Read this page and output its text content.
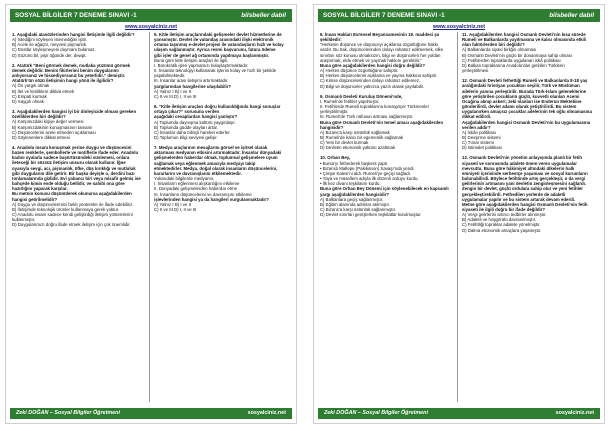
SOSYAL BİLGİLER 7 DENEME SINAVI -1	bilsbeller dabil
www.sosyalciniz.net

1. Aşağıdaki atasözlerinden hangisi İletişimle ilgili değildir?

A) İstediğini söyleyen istemediğini işitir.

B) Acele ile ağaçtır, meyvesi pişmanlık.

C) Dostlar söyleşmeyeni duymam bulamaz.

D) Sözünü bil, pişir öğünde der, dewpt.

2. Atatürk “Beni görmek demek, mutlaka yüzümü görmek demek değildir. Benim fikirlerimi benim duygularımı anlıyorsanız ve hissediyorsanız bu yeterlidir.” demiştir.

Atatürk’ün sözü iletişimin hangi yönü ile ilgilidir?

A) Ön yargılı olmak

B) İlet ve kimliklere dikkat etmek

C) Empati kurmak

D) Saygılı olmak

3. Aşağıdakilerden hangisi iyi bir dinleyicide olması gereken özelliklerden biri değildir?

A) Karşımızdaki kişiye değer vermesi

B) Karşımızdakinin konuşmasının tamamı

C) Düşüncelerini acele etmeden açıklaması

D) Söylenenlere dikkat etmesi

4. Anadolu insanı konuşmak yerine duygu ve düşüncesini bazen renklerle, şembollerle ve motiflerle ifade eder. Anadolu kadını oyalarla sadece başörtüsündeki süslemesi, onlara ileteceği bir sözsüz iletişim unsuru olarak kullanır. İğne oyasıyla sevgi, acı, pişmanlık, öfke, düş kırıklığı ve mutluluk gibi duygularını dile getirir. Bir başka deyişle o, derdini bazı tonlamalarında gizlidir. Evi yabancı biri veya misafir gelmiş ise bahçede kimin evde olduğu bellidir, ve sahibi ona göre hazırlığını yaparak karşılar.

Bu metnin konusu düşünülerek okunursa aşağıdakilerden hangisi getirilmelidir?

A) Duygu ve düşüncelerimizi farklı yöntemler ile ifade edebiliriz.

B) İletişimde teknolojik ürünler kullanmaya gerek yoktur.

C) Anadolu insanı sadece kendi geliştirdiği iletişim yöntemlerini kullanmıştır.

D) Duygularımızı doğru ifade etmek iletişim için çok önemlidir.

5. Kitle iletişim araçlarındaki gelişmeler devlet hizmetlerine de yansımıştır. Devlet ile vatandaş arasındaki ilişki elektronik ortama taşınmış e-devlet projesi ile vatandaşların hızlı ve kolay ulaşım sağlanmıştır. Ayrıca resmi başvurunu, fatura ödeme gibi işler de genel ağ ortamında yapılmaya başlanmıştır.

Buna göre kitle iletişim araçları ile ilgili,

I. Bürokratik işleri yapmamızı kolaylaştırmaktadır.

II. İnsanlar teknolojiyi kullanarak işlerini kolay ve hızlı bir şekilde yapabilmektedir.

III. İnsanlar arası iletişimi artırmaktadır.

yargılarından hangilerine ulaşılabilir?

A) Yalnız I B) I ve II

C) II ve III D) I, II ve III

6. “Kitle iletişim araçları doğru kullanıldığında hangi sonuçlar ortaya çıkar?” sorusuna verilen

aşağıdaki cevaplardan hangisi yanlıştır?

A) Toplumda daynışma kültürü yaygınlaşır.

B) Toplumda güdde olayları artar.

C) İnsanlar daha bilinçli hareket ederler.

D) Toplumun bilgi seviyesi gelişir.

7. Medya araçlarının mesajlarını görsel ve işitsel olarak aktarması medyanın etkisini artırmaktadır. İnsanlar dünyadaki gelişmelerden haberdar olmak, toplumsal gelişmelere uyum sağlamak veya eğlenmek amacıyla medyayı takip etmektedirler. Medya, doğal olarak insanların düşüncelerini, kararlarını ve davranışlarını etkilemektedir.

Yukarıdaki bilgilerde medyanın,

I. İnsanların eğlenmesi alışkanlığını etkileme

II. Dünyadaki gelişmelerden haberdar etme

III. İnsanların düşüncelerini ve davranışını etkileme

işlevlerinden hangisi ya da hangileri vurgulanmaktadır?

A) Yalnız I B) I ve II

C) II ve III D) I, II ve III

Zeki DOĞAN – Sosyal Bilgiler Öğretmeni	sosyalciniz.net
SOSYAL BİLGİLER 7 DENEME SINAVI -1	bilsbeller dabil
www.sosyalciniz.net

8. İnsan Hakları Evrensel Beyannamesinin 19. maddesi şu şekildedir:

“Herkesin düşünce ve düşünceyi açıklama özgürlüğüne hakkı vardır. Bu hak, düşüncelerinden dolayı rahatsız edilmemek, ülke sınırları söz konusu olmaksızın, bilgi ve düşünceleri her yoldan araştırmak, elde etmek ve yaymak hakkını gerektirir.”

Buna göre aşağıdakilerden hangisi doğru değildir?

A) Herkes düşünce özgürlüğüne sahiptir.

B) Herkes düşüncelerini açıklama ve yayma hakkına sahiptir.

C) Kimse düşüncelerinden dolayı rahatsız edilemez.

D) Bilgi ve düşünceler yalnızca yazılı olarak yayılabilir.

9. Osmanlı Devleti Kuruluş Dönemi’nde,

I. Rumeli’de fetihler yapılmıştır.

II. Fetihlerde Rumeli topraklarına konargöçer Türkmenler yerleştirilmiştir.

III. Rumeli’de Türk nüfusun artması sağlanmıştır.

Buna göre Osmanlı Devleti’nin temel amacı aşağıdakilerden hangisidir?

A) Bizans’a karşı üstünlük sağlamak

B) Rumeli’de kalıcı bir egemenlik sağlamak

C) Yeni bir devlet kurmak

D) Devletin ekonomik yükünü azaltmak

10. Orhan Bey,

• Bursa’yı fethederek başkent yaptı.

• Bizanslı Maltepe (Palekanon) Savaşı’nda yendi.

• Çimpe Kalesi’ni aldı. Rumeli’ye geçişi sağladı.

• Yaya ve müsellem adıyla ilk düzenli orduyu kurdu.

• İlk kez divanı teşkilatını kurdu.

Buna göre Orhan Bey Dönemi için söylenebilecek en kapsamlı yargı aşağıdakilerden hangisidir?

A) Balkanlara geçiş sağlanmıştır.

B) Eğitim alanında adımlar atılmıştır.

C) Bizans’a karşı üstünlük sağlanmıştır.

D) Devlet sınırları genişlerken teşkilatlar kurulmuştur.

11. Aşağıdakilerden hangisi Osmanlı Devleti’nin kısa sürede Rumeli ve Balkanlarda yayılmasına ve kalıcı olmasında etkili olan faktörlerden biri değildir?

A) Balkanlarda siyasi birliğin olmaması

B) Osmanlı Devleti’nin güçlü bir donanmaya sahip olması

C) Fetihlerden topraklarda uygulanan iskâ politikası

D) Balkan topraklarına Anadolu’dan getirilen Türklerin yerleştirilmesi

12. Osmanlı Devleti fethettiği Rumeli ve Balkanlarda 8-18 yaş aralığındaki hristiyan çocukları seçilir, Türk ve Müslüman ailelerin yanına yerleştirilir. Burada Türk-İslam geleneklerine göre yetiştirilen çocukların güçlü, kuvvetli olanları Acemi Ocağına alınıp askeri; zeki olanları ise Enderun Mektebine gönderilirdi, devlet adamı olarak yetiştirilirdi. Bu sistem uygulanırken amaçsız çocuklar ailelerinin tek oğlu olmamasına dikkat edilirdi.

Aşağıdakilerden hangisi Osmanlı Devleti’nin bu uygulamasına verilen addır?

A) İskân politikası

B) Devşirme sistemi

C) Tımar sistemi

D) İstimalet politikası

13. Osmanlı Devleti’nin yönetim anlayışında planlı bir fetih siyaseti ve sonrasında adalete önem veren uygulamalar mevcuttu. Buna göre hâkimiyet altındaki ülkelerin halk emniyeti içerisinde serbestçe yaşaması ve sosyal kurumların bulunabilirdi. Böylece fetihtinde artış gerçekleşir, o da vergi gelirlerinin artmasını yani devletin zenginleşmesini sağlardı. Zengin bir devlet, güçlü ordulara sahip olur ve yeni fetihler gerçekleştirebilirdi. Fethedilen yerlerde de adaletli uygulamalar yapılır ve bu sistem artarak devam ederdi.

Metne göre aşağıdakilerden hangisi Osmanlı Devleti’nin fetih siyaseti ile ilgili doğru bir ifade değildir?

A) Vergi gelirlerini artırıcı tedbirler alınmıştır.

B) Adaletli ve hoşgörülü davranılmıştır.

C) Fetihtliği topraklar adalete yönelmiştir.

D) Dalma ekonomik amaçlara yaşamıştır.

Zeki DOĞAN – Sosyal Bilgiler Öğretmeni	sosyalciniz.net
